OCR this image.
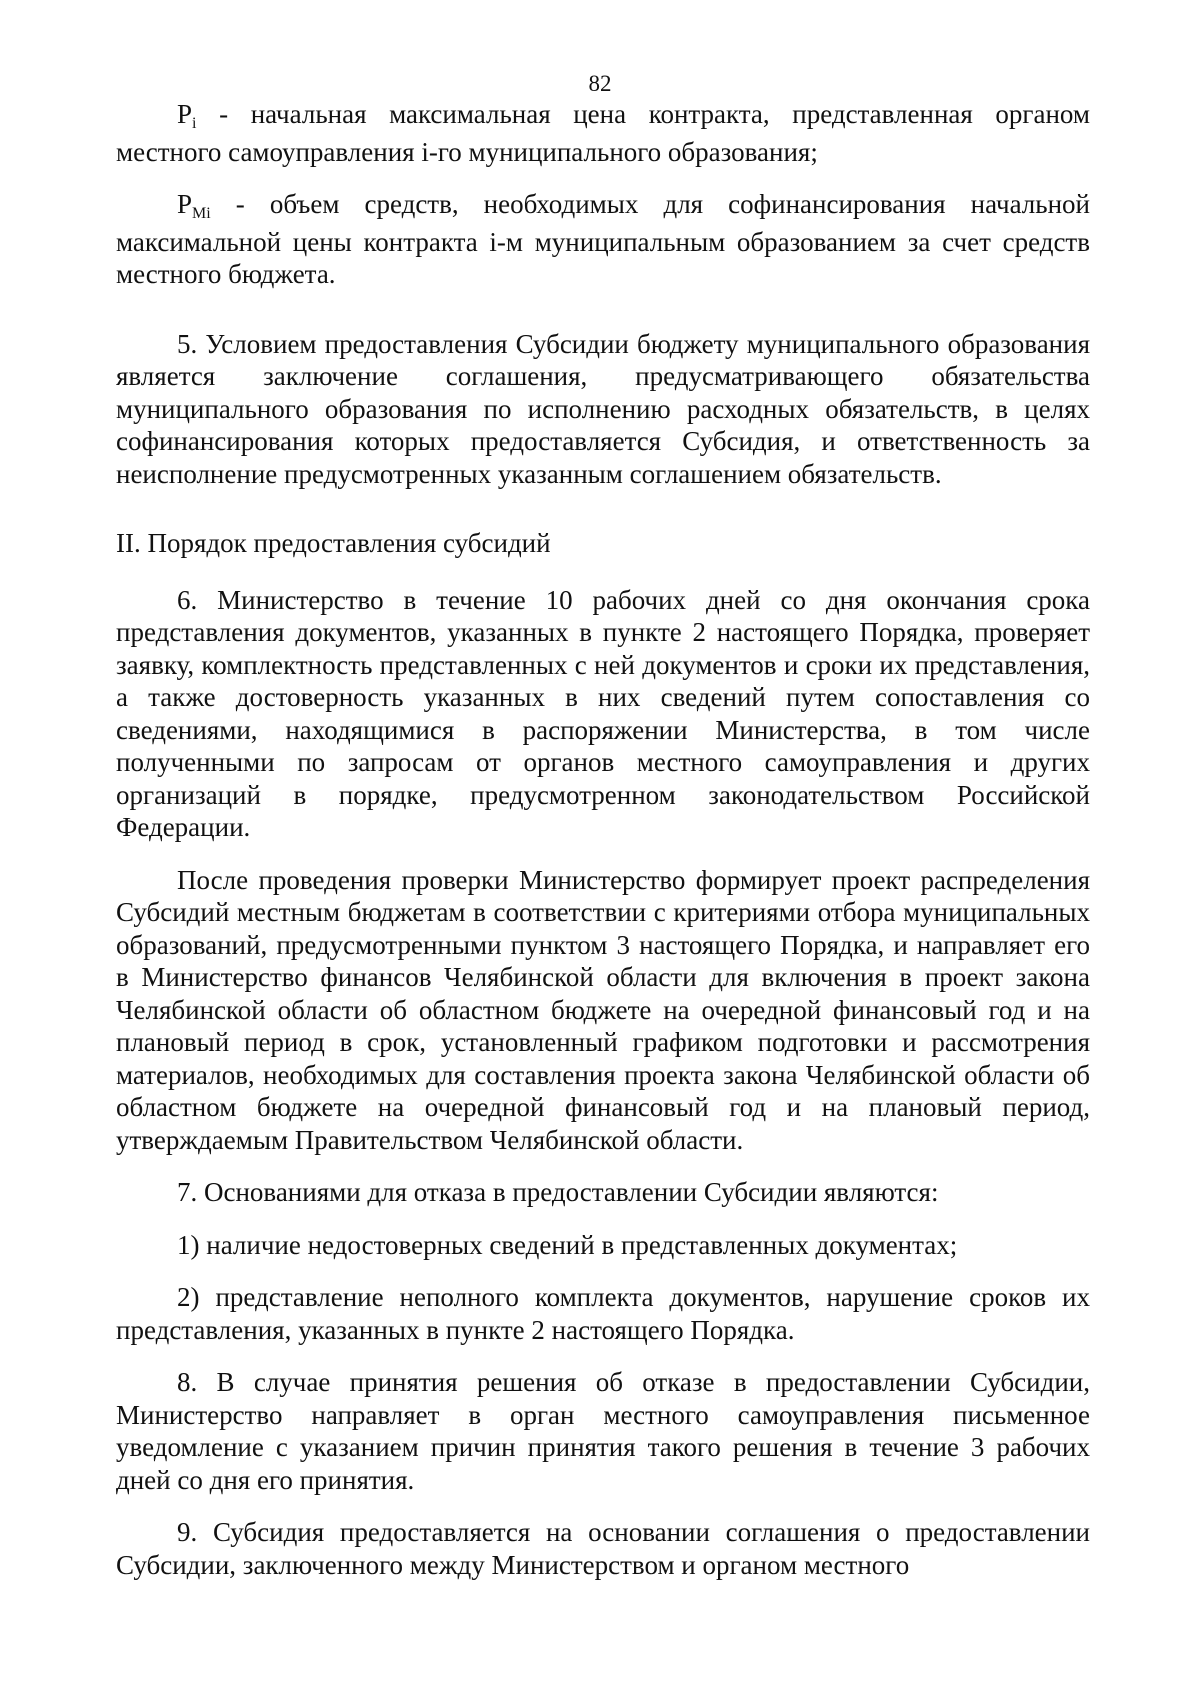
82

Pi - начальная максимальная цена контракта, представленная органом местного самоуправления i-го муниципального образования;

PMi - объем средств, необходимых для софинансирования начальной максимальной цены контракта i-м муниципальным образованием за счет средств местного бюджета.

5. Условием предоставления Субсидии бюджету муниципального образования является заключение соглашения, предусматривающего обязательства муниципального образования по исполнению расходных обязательств, в целях софинансирования которых предоставляется Субсидия, и ответственность за неисполнение предусмотренных указанным соглашением обязательств.

II. Порядок предоставления субсидий

6. Министерство в течение 10 рабочих дней со дня окончания срока представления документов, указанных в пункте 2 настоящего Порядка, проверяет заявку, комплектность представленных с ней документов и сроки их представления, а также достоверность указанных в них сведений путем сопоставления со сведениями, находящимися в распоряжении Министерства, в том числе полученными по запросам от органов местного самоуправления и других организаций в порядке, предусмотренном законодательством Российской Федерации.

После проведения проверки Министерство формирует проект распределения Субсидий местным бюджетам в соответствии с критериями отбора муниципальных образований, предусмотренными пунктом 3 настоящего Порядка, и направляет его в Министерство финансов Челябинской области для включения в проект закона Челябинской области об областном бюджете на очередной финансовый год и на плановый период в срок, установленный графиком подготовки и рассмотрения материалов, необходимых для составления проекта закона Челябинской области об областном бюджете на очередной финансовый год и на плановый период, утверждаемым Правительством Челябинской области.

7. Основаниями для отказа в предоставлении Субсидии являются:

1) наличие недостоверных сведений в представленных документах;

2) представление неполного комплекта документов, нарушение сроков их представления, указанных в пункте 2 настоящего Порядка.

8. В случае принятия решения об отказе в предоставлении Субсидии, Министерство направляет в орган местного самоуправления письменное уведомление с указанием причин принятия такого решения в течение 3 рабочих дней со дня его принятия.

9. Субсидия предоставляется на основании соглашения о предоставлении Субсидии, заключенного между Министерством и органом местного
